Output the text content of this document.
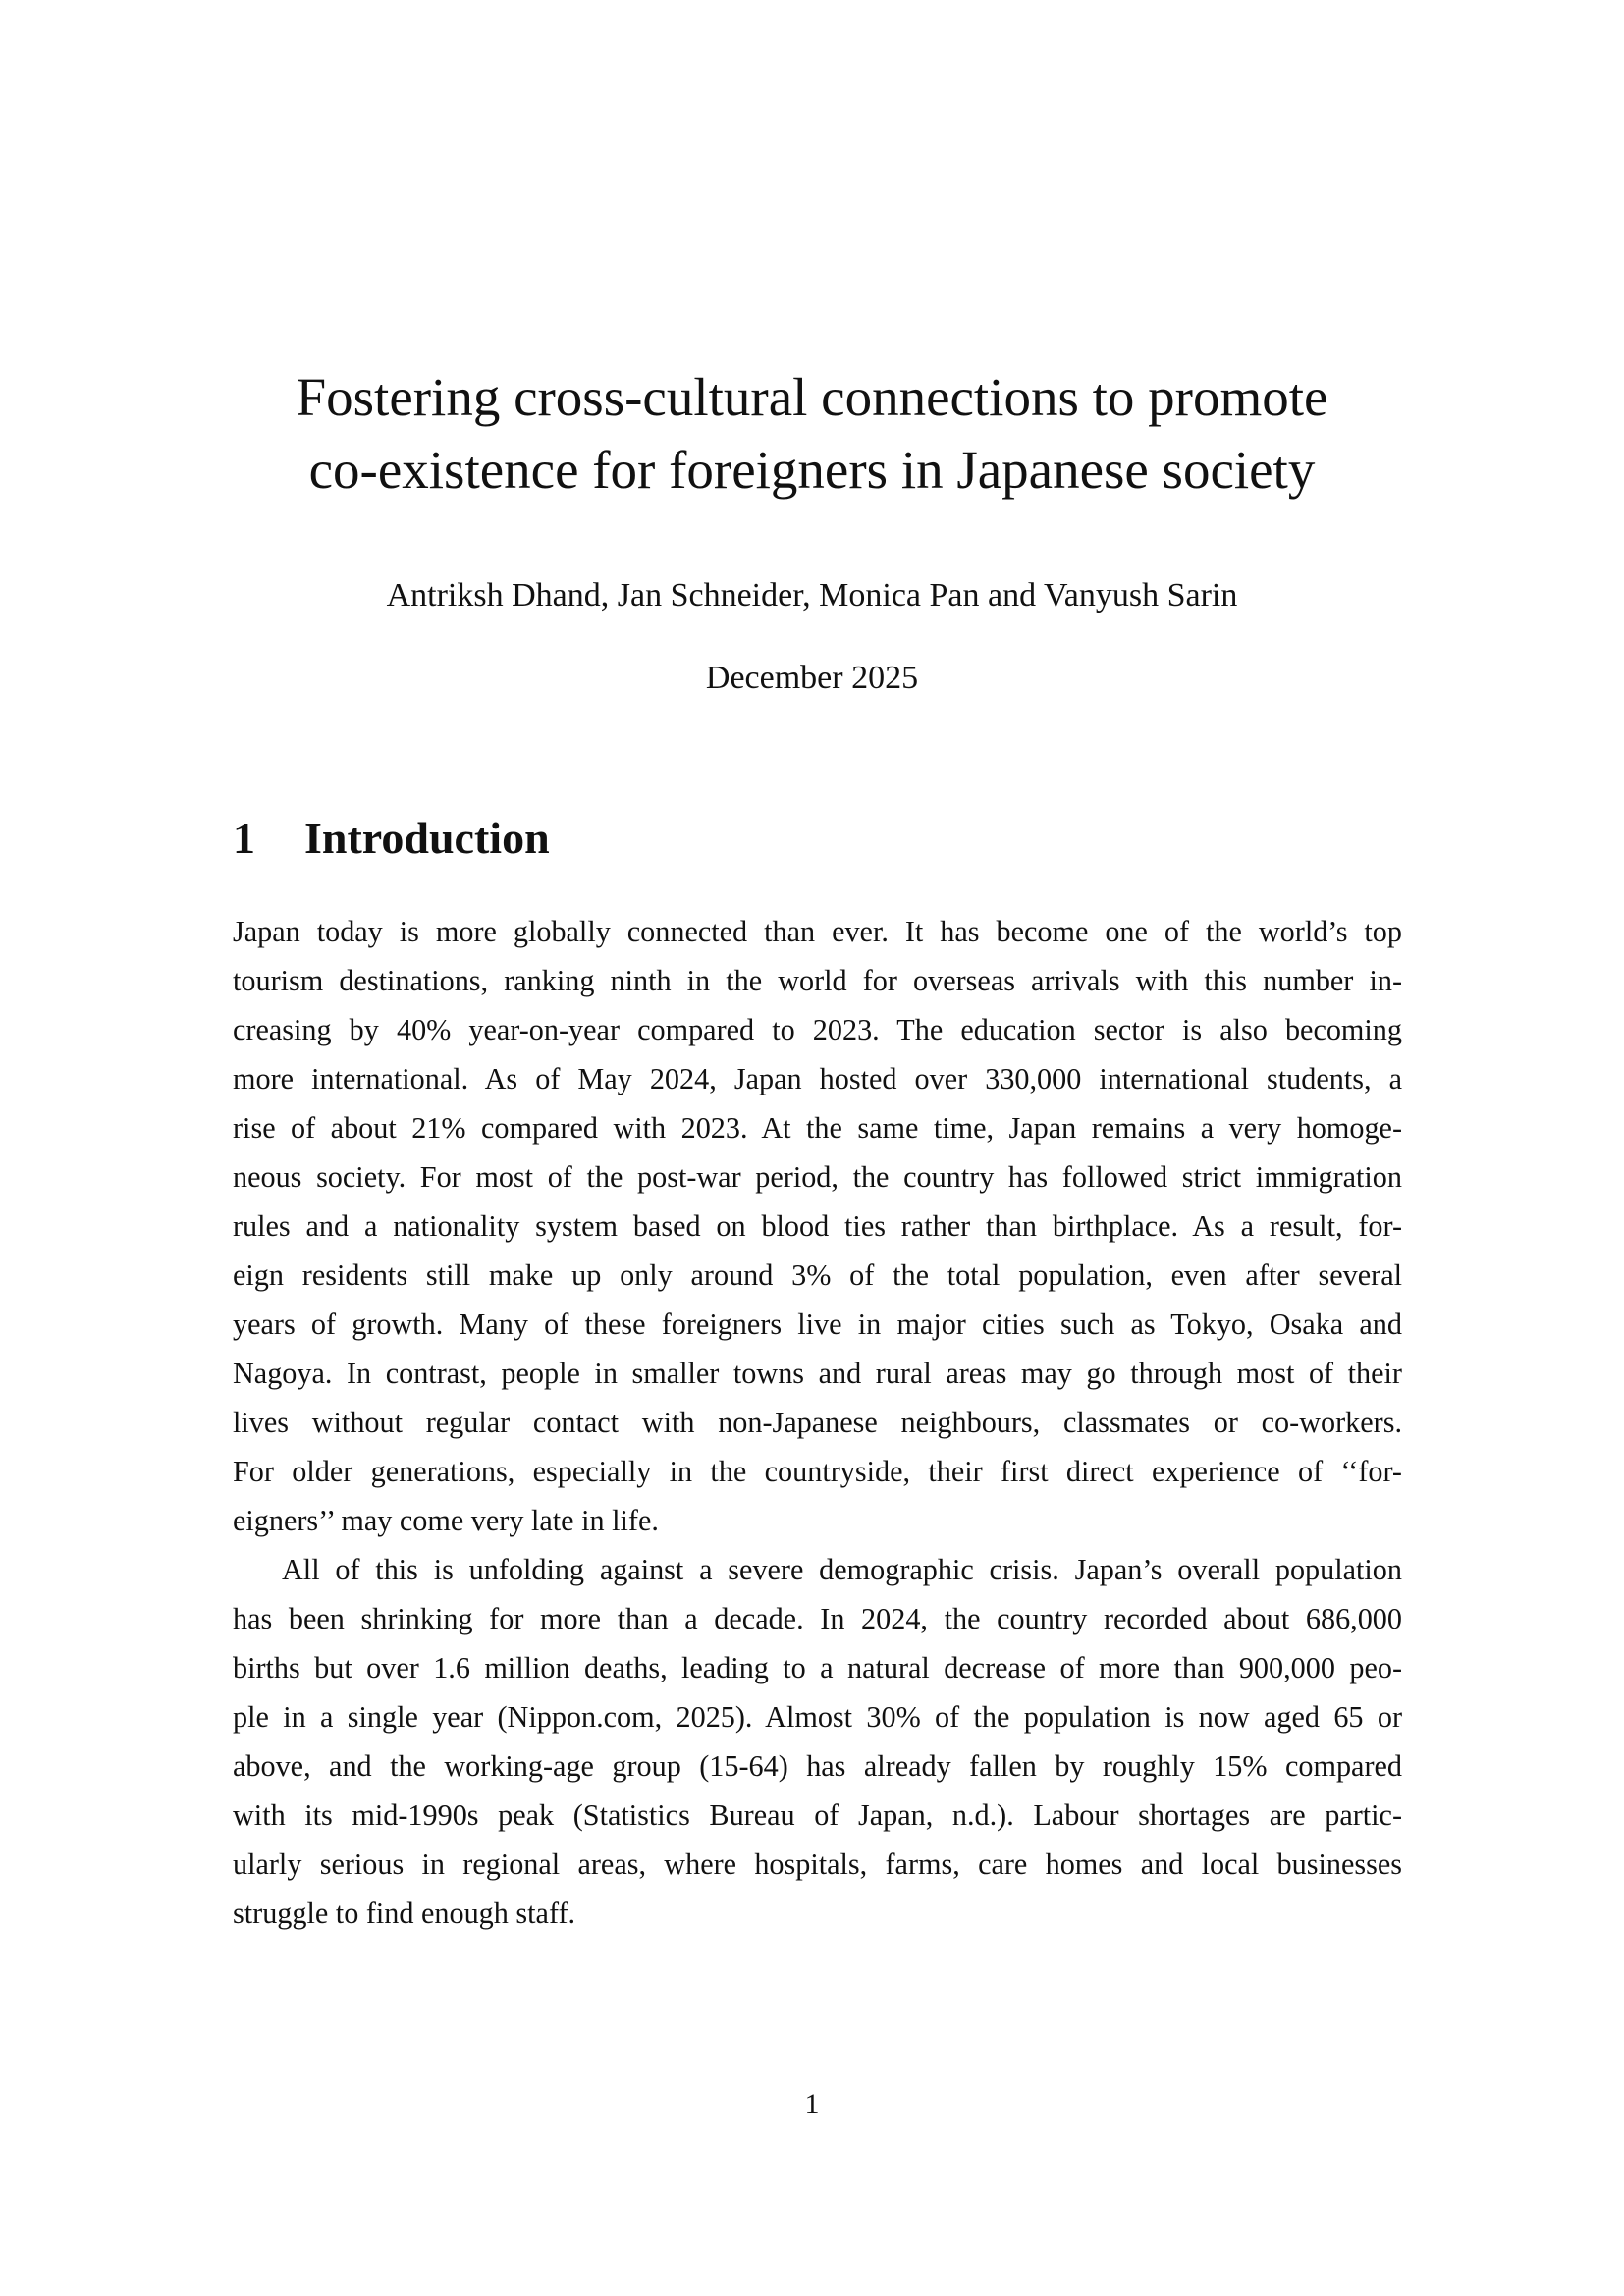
Fostering cross-cultural connections to promote
co-existence for foreigners in Japanese society

Antriksh Dhand, Jan Schneider, Monica Pan and Vanyush Sarin

December 2025

1 Introduction
Japan today is more globally connected than ever. It has become one of the world’s top
tourism destinations, ranking ninth in the world for overseas arrivals with this number in-
creasing by 40% year-on-year compared to 2023. The education sector is also becoming
more international. As of May 2024, Japan hosted over 330,000 international students, a
rise of about 21% compared with 2023. At the same time, Japan remains a very homoge-
neous society. For most of the post-war period, the country has followed strict immigration
rules and a nationality system based on blood ties rather than birthplace. As a result, for-
eign residents still make up only around 3% of the total population, even after several
years of growth. Many of these foreigners live in major cities such as Tokyo, Osaka and
Nagoya. In contrast, people in smaller towns and rural areas may go through most of their
lives without regular contact with non-Japanese neighbours, classmates or co-workers.
For older generations, especially in the countryside, their first direct experience of ‘‘for-
eigners’’ may come very late in life.
All of this is unfolding against a severe demographic crisis. Japan’s overall population
has been shrinking for more than a decade. In 2024, the country recorded about 686,000
births but over 1.6 million deaths, leading to a natural decrease of more than 900,000 peo-
ple in a single year (Nippon.com, 2025). Almost 30% of the population is now aged 65 or
above, and the working-age group (15-64) has already fallen by roughly 15% compared
with its mid-1990s peak (Statistics Bureau of Japan, n.d.). Labour shortages are partic-
ularly serious in regional areas, where hospitals, farms, care homes and local businesses
struggle to find enough staff.
1
